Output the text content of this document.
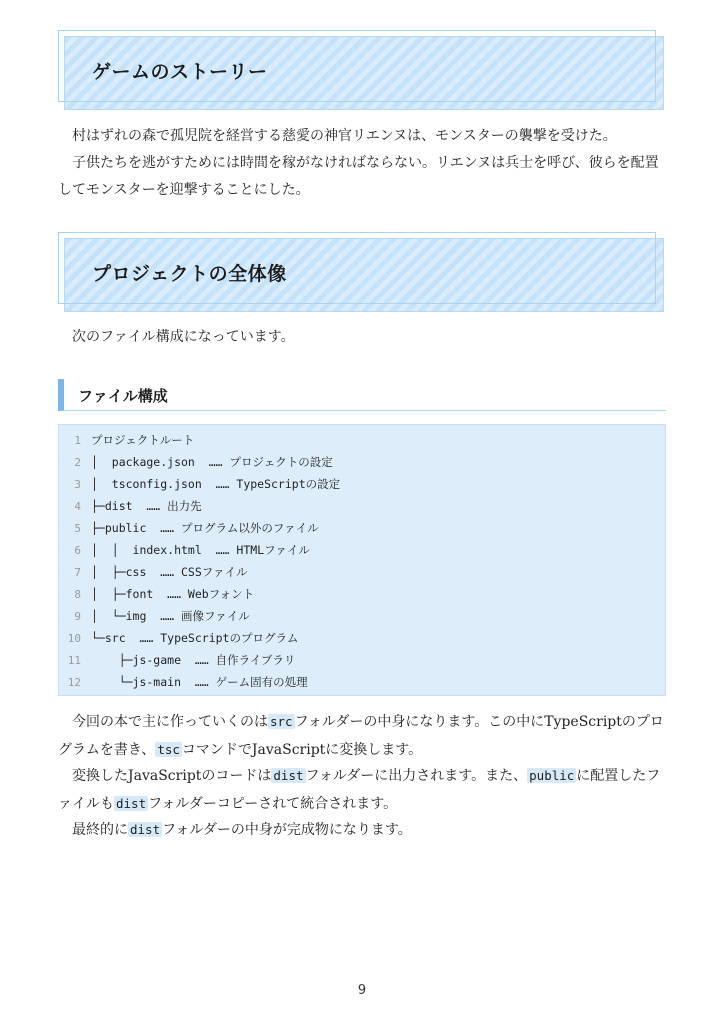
ゲームのストーリー

村はずれの森で孤児院を経営する慈愛の神官リエンヌは、モンスターの襲撃を受けた。

子供たちを逃がすためには時間を稼がなければならない。リエンヌは兵士を呼び、彼らを配置してモンスターを迎撃することにした。

プロジェクトの全体像

次のファイル構成になっています。

ファイル構成
1 プロジェクトルート
2 │  package.json  …… プロジェクトの設定
3 │  tsconfig.json  …… TypeScriptの設定
4 ├─dist  …… 出力先
5 ├─public  …… プログラム以外のファイル
6 │  │  index.html  …… HTMLファイル
7 │  ├─css  …… CSSファイル
8 │  ├─font  …… Webフォント
9 │  └─img  …… 画像ファイル
10 └─src  …… TypeScriptのプログラム
11    ├─js-game  …… 自作ライブラリ
12    └─js-main  …… ゲーム固有の処理

今回の本で主に作っていくのは src フォルダーの中身になります。この中にTypeScriptのプログラムを書き、 tsc コマンドでJavaScriptに変換します。

変換したJavaScriptのコードは dist フォルダーに出力されます。また、 public に配置したファイルも dist フォルダーコピーされて統合されます。

最終的に dist フォルダーの中身が完成物になります。

9
